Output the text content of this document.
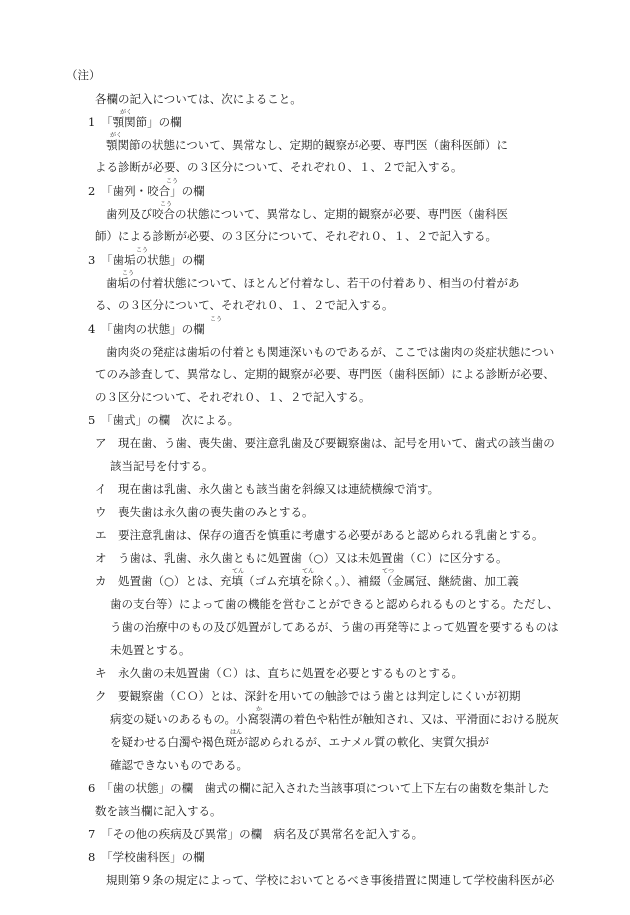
（注）
各欄の記入については、次によること。
1　「顎関節」の欄
がく
顎関節の状態について、異常なし、定期的観察が必要、専門医（歯科医師）に
がく
よる診断が必要、の３区分について、それぞれ０、１、２で記入する。
2　「歯列・咬合」の欄
こう
歯列及び咬合の状態について、異常なし、定期的観察が必要、専門医（歯科医
こう
師）による診断が必要、の３区分について、それぞれ０、１、２で記入する。
3　「歯垢の状態」の欄
こう
歯垢の付着状態について、ほとんど付着なし、若干の付着あり、相当の付着があ
こう
る、の３区分について、それぞれ０、１、２で記入する。
4　「歯肉の状態」の欄
こう
歯肉炎の発症は歯垢の付着とも関連深いものであるが、ここでは歯肉の炎症状態につい
てのみ診査して、異常なし、定期的観察が必要、専門医（歯科医師）による診断が必要、
の３区分について、それぞれ０、１、２で記入する。
5　「歯式」の欄　次による。
ア　現在歯、う歯、喪失歯、要注意乳歯及び要観察歯は、記号を用いて、歯式の該当歯の
該当記号を付する。
イ　現在歯は乳歯、永久歯とも該当歯を斜線又は連続横線で消す。
ウ　喪失歯は永久歯の喪失歯のみとする。
エ　要注意乳歯は、保存の適否を慎重に考慮する必要があると認められる乳歯とする。
オ　う歯は、乳歯、永久歯ともに処置歯（○）又は未処置歯（Ｃ）に区分する。
カ　処置歯（○）とは、充填（ゴム充填を除く。）、補綴（金属冠、継続歯、加工義
てん	てん	てつ
歯の支台等）によって歯の機能を営むことができると認められるものとする。ただし、
う歯の治療中のもの及び処置がしてあるが、う歯の再発等によって処置を要するものは
未処置とする。
キ　永久歯の未処置歯（Ｃ）は、直ちに処置を必要とするものとする。
ク　要観察歯（ＣＯ）とは、深針を用いての触診ではう歯とは判定しにくいが初期
病変の疑いのあるもの。小窩裂溝の着色や粘性が触知され、又は、平滑面における脱灰
か
を疑わせる白濁や褐色斑が認められるが、エナメル質の軟化、実質欠損が
はん
確認できないものである。
6　「歯の状態」の欄　歯式の欄に記入された当該事項について上下左右の歯数を集計した
数を該当欄に記入する。
7　「その他の疾病及び異常」の欄　病名及び異常名を記入する。
8　「学校歯科医」の欄
規則第９条の規定によって、学校においてとるべき事後措置に関連して学校歯科医が必
